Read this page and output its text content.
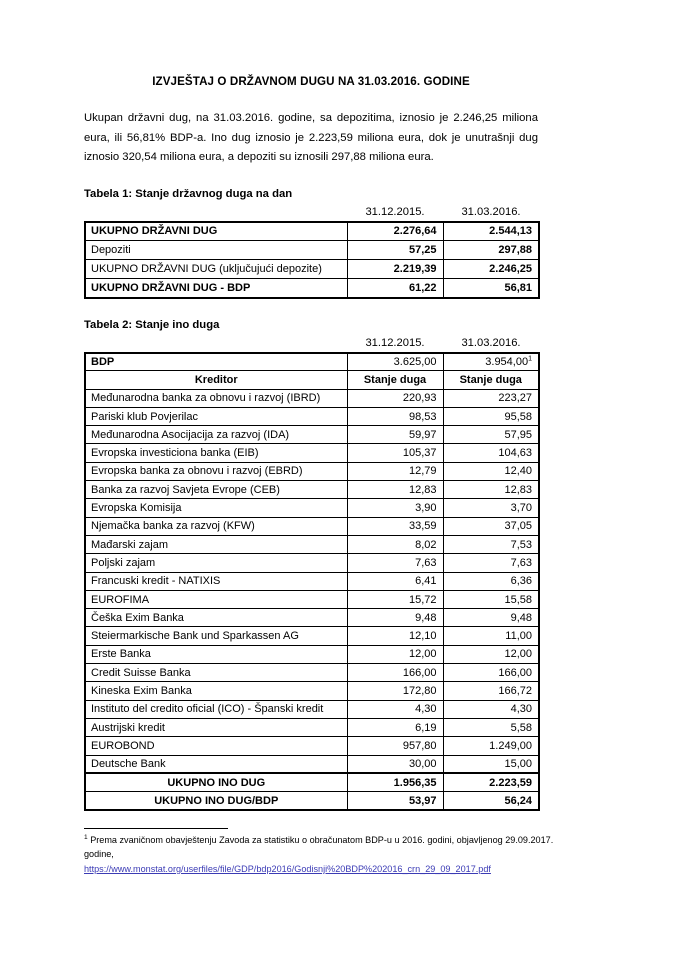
IZVJEŠTAJ O DRŽAVNOM DUGU NA 31.03.2016. GODINE

Ukupan državni dug, na 31.03.2016. godine, sa depozitima, iznosio je 2.246,25 miliona eura, ili 56,81% BDP-a. Ino dug iznosio je 2.223,59 miliona eura, dok je unutrašnji dug iznosio 320,54 miliona eura, a depoziti su iznosili 297,88 miliona eura.

Tabela 1: Stanje državnog duga na dan
	31.12.2015.	31.03.2016.
UKUPNO DRŽAVNI DUG	2.276,64	2.544,13
Depoziti	57,25	297,88
UKUPNO DRŽAVNI DUG (uključujući depozite)	2.219,39	2.246,25
UKUPNO DRŽAVNI DUG - BDP	61,22	56,81
Tabela 2: Stanje ino duga
	31.12.2015.	31.03.2016.
BDP	3.625,00	3.954,00$^1$
Kreditor	Stanje duga	Stanje duga
Međunarodna banka za obnovu i razvoj (IBRD)	220,93	223,27
Pariski klub Povjerilac	98,53	95,58
Međunarodna Asocijacija za razvoj (IDA)	59,97	57,95
Evropska investiciona banka (EIB)	105,37	104,63
Evropska banka za obnovu i razvoj (EBRD)	12,79	12,40
Banka za razvoj Savjeta Evrope (CEB)	12,83	12,83
Evropska Komisija	3,90	3,70
Njemačka banka za razvoj (KFW)	33,59	37,05
Mađarski zajam	8,02	7,53
Poljski zajam	7,63	7,63
Francuski kredit - NATIXIS	6,41	6,36
EUROFIMA	15,72	15,58
Češka Exim Banka	9,48	9,48
Steiermarkische Bank und Sparkassen AG	12,10	11,00
Erste Banka	12,00	12,00
Credit Suisse Banka	166,00	166,00
Kineska Exim Banka	172,80	166,72
Instituto del credito oficial (ICO) - Španski kredit	4,30	4,30
Austrijski kredit	6,19	5,58
EUROBOND	957,80	1.249,00
Deutsche Bank	30,00	15,00
UKUPNO INO DUG	1.956,35	2.223,59
UKUPNO INO DUG/BDP	53,97	56,24
$^1$ Prema zvaničnom obavještenju Zavoda za statistiku o obračunatom BDP-u u 2016. godini, objavljenog 29.09.2017. godine,
https://www.monstat.org/userfiles/file/GDP/bdp2016/Godisnji%20BDP%202016_crn_29_09_2017.pdf
